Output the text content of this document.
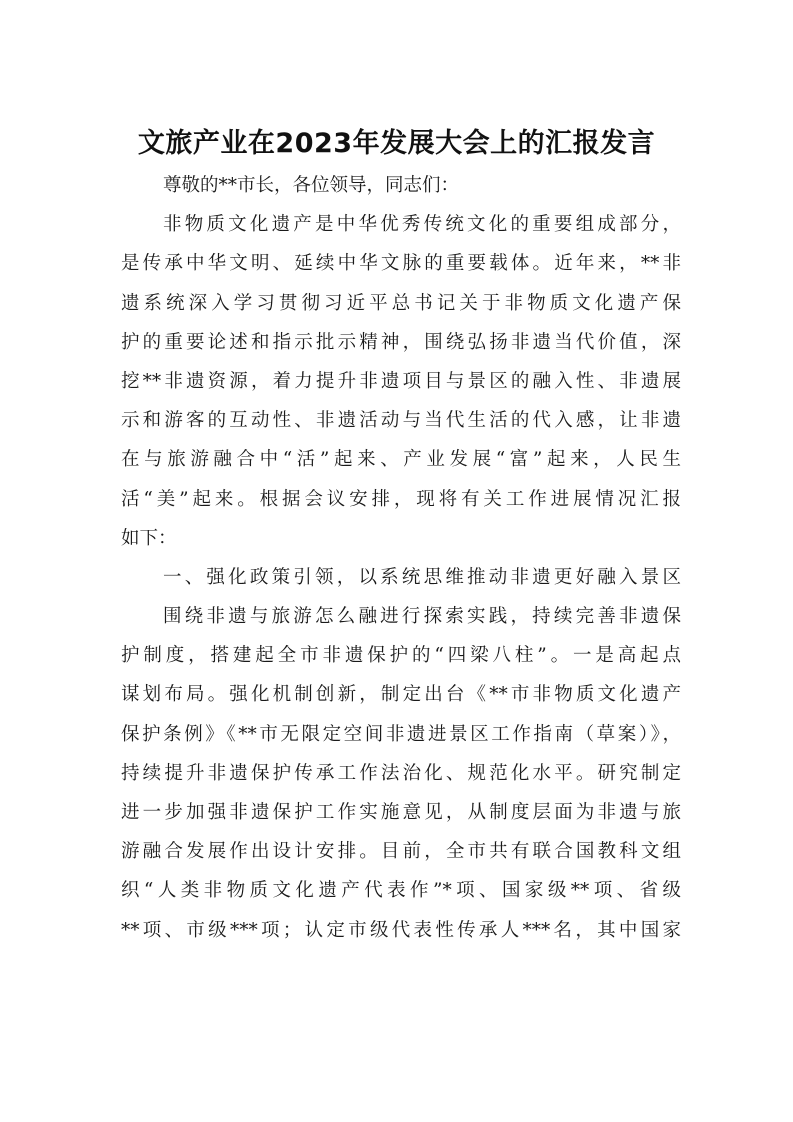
文旅产业在2023年发展大会上的汇报发言
尊敬的**市长，各位领导，同志们：
非物质文化遗产是中华优秀传统文化的重要组成部分，
是传承中华文明、延续中华文脉的重要载体。近年来，**非
遗系统深入学习贯彻习近平总书记关于非物质文化遗产保
护的重要论述和指示批示精神，围绕弘扬非遗当代价值，深
挖**非遗资源，着力提升非遗项目与景区的融入性、非遗展
示和游客的互动性、非遗活动与当代生活的代入感，让非遗
在与旅游融合中“活”起来、产业发展“富”起来，人民生
活“美”起来。根据会议安排，现将有关工作进展情况汇报
如下：
一、强化政策引领，以系统思维推动非遗更好融入景区
围绕非遗与旅游怎么融进行探索实践，持续完善非遗保
护制度，搭建起全市非遗保护的“四梁八柱”。一是高起点
谋划布局。强化机制创新，制定出台《**市非物质文化遗产
保护条例》《**市无限定空间非遗进景区工作指南（草案）》，
持续提升非遗保护传承工作法治化、规范化水平。研究制定
进一步加强非遗保护工作实施意见，从制度层面为非遗与旅
游融合发展作出设计安排。目前，全市共有联合国教科文组
织“人类非物质文化遗产代表作”*项、国家级**项、省级
**项、市级***项；认定市级代表性传承人***名，其中国家
